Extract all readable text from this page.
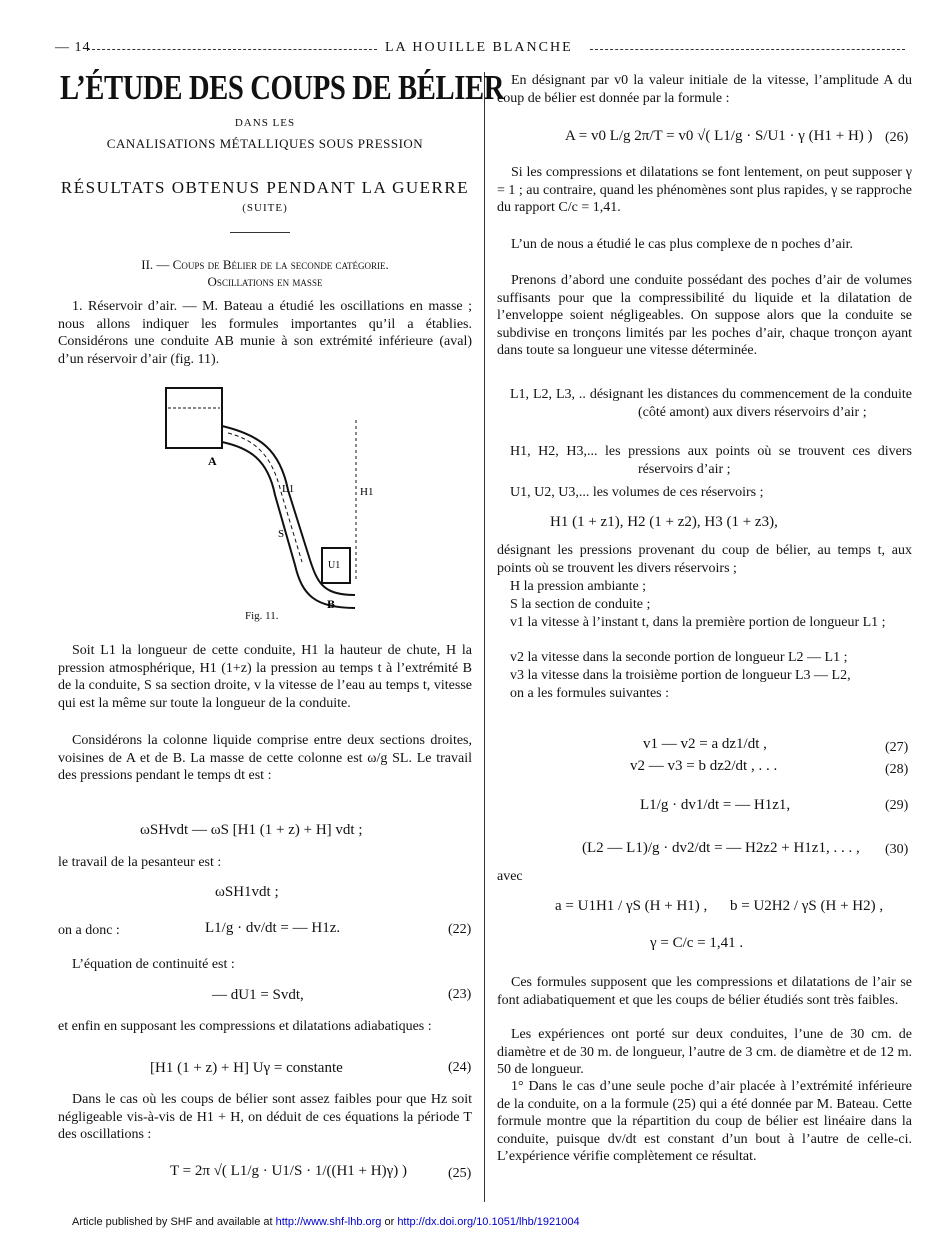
— 14	LA HOUILLE BLANCHE
L’ÉTUDE DES COUPS DE BÉLIER
DANS LES
CANALISATIONS MÉTALLIQUES SOUS PRESSION
RÉSULTATS OBTENUS PENDANT LA GUERRE
(SUITE)
II. — Coups de Bélier de la seconde catégorie.
Oscillations en masse
1. Réservoir d’air. — M. Bateau a étudié les oscillations en masse ; nous allons indiquer les formules importantes qu’il a établies. Considérons une conduite AB munie à son extrémité inférieure (aval) d’un réservoir d’air (fig. 11).
A
B
L1
S
H1
U1
Fig. 11.
Soit L1 la longueur de cette conduite, H1 la hauteur de chute, H la pression atmosphérique, H1 (1+z) la pression au temps t à l’extrémité B de la conduite, S sa section droite, v la vitesse de l’eau au temps t, vitesse qui est la même sur toute la longueur de la conduite.
Considérons la colonne liquide comprise entre deux sections droites, voisines de A et de B. La masse de cette colonne est ω/g SL. Le travail des pressions pendant le temps dt est :
ωSHvdt — ωS [H1 (1 + z) + H] vdt ;
le travail de la pesanteur est :
ωSH1vdt ;
on a donc :	L1/g · dv/dt = — H1z.	(22)
L’équation de continuité est :
— dU1 = Svdt,	(23)
et enfin en supposant les compressions et dilatations adiabatiques :
[H1 (1 + z) + H] Uγ = constante	(24)
Dans le cas où les coups de bélier sont assez faibles pour que Hz soit négligeable vis-à-vis de H1 + H, on déduit de ces équations la période T des oscillations :
T = 2π √( L1/g · U1/S · 1/((H1 + H)γ) )	(25)
En désignant par v0 la valeur initiale de la vitesse, l’amplitude A du coup de bélier est donnée par la formule :
A = v0 L/g 2π/T = v0 √( L1/g · S/U1 · γ (H1 + H) ) (26)
Si les compressions et dilatations se font lentement, on peut supposer γ = 1 ; au contraire, quand les phénomènes sont plus rapides, γ se rapproche du rapport C/c = 1,41.
L’un de nous a étudié le cas plus complexe de n poches d’air.
Prenons d’abord une conduite possédant des poches d’air de volumes suffisants pour que la compressibilité du liquide et la dilatation de l’enveloppe soient négligeables. On suppose alors que la conduite se subdivise en tronçons limités par les poches d’air, chaque tronçon ayant dans toute sa longueur une vitesse déterminée.
L1, L2, L3, .. désignant les distances du commencement de la conduite (côté amont) aux divers réservoirs d’air ;
H1, H2, H3,... les pressions aux points où se trouvent ces divers réservoirs d’air ;
U1, U2, U3,... les volumes de ces réservoirs ;
H1 (1 + z1), H2 (1 + z2), H3 (1 + z3),
désignant les pressions provenant du coup de bélier, au temps t, aux points où se trouvent les divers réservoirs ;
H la pression ambiante ;
S la section de conduite ;
v1 la vitesse à l’instant t, dans la première portion de longueur L1 ;
v2 la vitesse dans la seconde portion de longueur L2 — L1 ;
v3 la vitesse dans la troisième portion de longueur L3 — L2,
on a les formules suivantes :
v1 — v2 = a dz1/dt ,	(27)
v2 — v3 = b dz2/dt , . . .	(28)
L1/g · dv1/dt = — H1z1,	(29)
(L2 — L1)/g · dv2/dt = — H2z2 + H1z1, . . . , (30)
avec
a = U1H1 / γS (H + H1) , b = U2H2 / γS (H + H2) ,
γ = C/c = 1,41 .
Ces formules supposent que les compressions et dilatations de l’air se font adiabatiquement et que les coups de bélier étudiés sont très faibles.
Les expériences ont porté sur deux conduites, l’une de 30 cm. de diamètre et de 30 m. de longueur, l’autre de 3 cm. de diamètre et de 12 m. 50 de longueur.
1° Dans le cas d’une seule poche d’air placée à l’extrémité inférieure de la conduite, on a la formule (25) qui a été donnée par M. Bateau. Cette formule montre que la répartition du coup de bélier est linéaire dans la conduite, puisque dv/dt est constant d’un bout à l’autre de celle-ci. L’expérience vérifie complètement ce résultat.
Article published by SHF and available at http://www.shf-lhb.org or http://dx.doi.org/10.1051/lhb/1921004
